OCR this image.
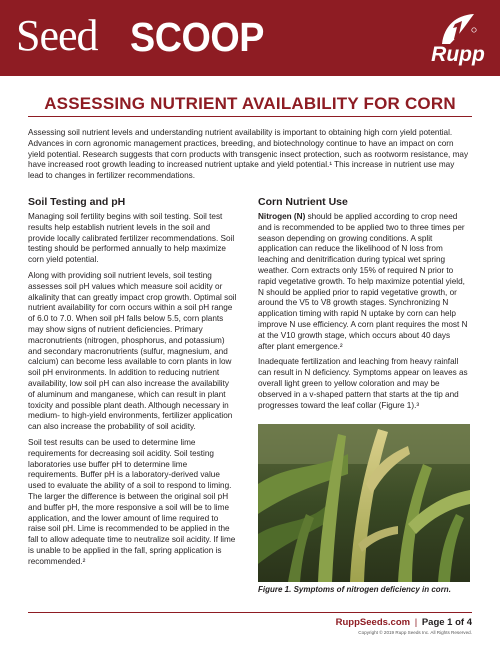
Seed SCOOP	Rupp
ASSESSING NUTRIENT AVAILABILITY FOR CORN

Assessing soil nutrient levels and understanding nutrient availability is important to obtaining high corn yield potential. Advances in corn agronomic management practices, breeding, and biotechnology continue to have an impact on corn yield potential. Research suggests that corn products with transgenic insect protection, such as rootworm resistance, may have increased root growth leading to increased nutrient uptake and yield potential.¹ This increase in nutrient use may lead to changes in fertilizer recommendations.

Soil Testing and pH

Managing soil fertility begins with soil testing. Soil test results help establish nutrient levels in the soil and provide locally calibrated fertilizer recommendations. Soil testing should be performed annually to help maximize corn yield potential.

Along with providing soil nutrient levels, soil testing assesses soil pH values which measure soil acidity or alkalinity that can greatly impact crop growth. Optimal soil nutrient availability for corn occurs within a soil pH range of 6.0 to 7.0. When soil pH falls below 5.5, corn plants may show signs of nutrient deficiencies. Primary macronutrients (nitrogen, phosphorus, and potassium) and secondary macronutrients (sulfur, magnesium, and calcium) can become less available to corn plants in low soil pH environments. In addition to reducing nutrient availability, low soil pH can also increase the availability of aluminum and manganese, which can result in plant toxicity and possible plant death. Although necessary in medium- to high-yield environments, fertilizer application can also increase the probability of soil acidity.

Soil test results can be used to determine lime requirements for decreasing soil acidity. Soil testing laboratories use buffer pH to determine lime requirements. Buffer pH is a laboratory-derived value used to evaluate the ability of a soil to respond to liming. The larger the difference is between the original soil pH and buffer pH, the more responsive a soil will be to lime application, and the lower amount of lime required to raise soil pH. Lime is recommended to be applied in the fall to allow adequate time to neutralize soil acidity. If lime is unable to be applied in the fall, spring application is recommended.²

Corn Nutrient Use

Nitrogen (N) should be applied according to crop need and is recommended to be applied two to three times per season depending on growing conditions. A split application can reduce the likelihood of N loss from leaching and denitrification during typical wet spring weather. Corn extracts only 15% of required N prior to rapid vegetative growth. To help maximize potential yield, N should be applied prior to rapid vegetative growth, or around the V5 to V8 growth stages. Synchronizing N application timing with rapid N uptake by corn can help improve N use efficiency. A corn plant requires the most N at the V10 growth stage, which occurs about 40 days after plant emergence.²

Inadequate fertilization and leaching from heavy rainfall can result in N deficiency. Symptoms appear on leaves as overall light green to yellow coloration and may be observed in a v-shaped pattern that starts at the tip and progresses toward the leaf collar (Figure 1).³

Figure 1. Symptoms of nitrogen deficiency in corn.
RuppSeeds.com | Page 1 of 4
Copyright © 2019 Rupp Seeds Inc. All Rights Reserved.
